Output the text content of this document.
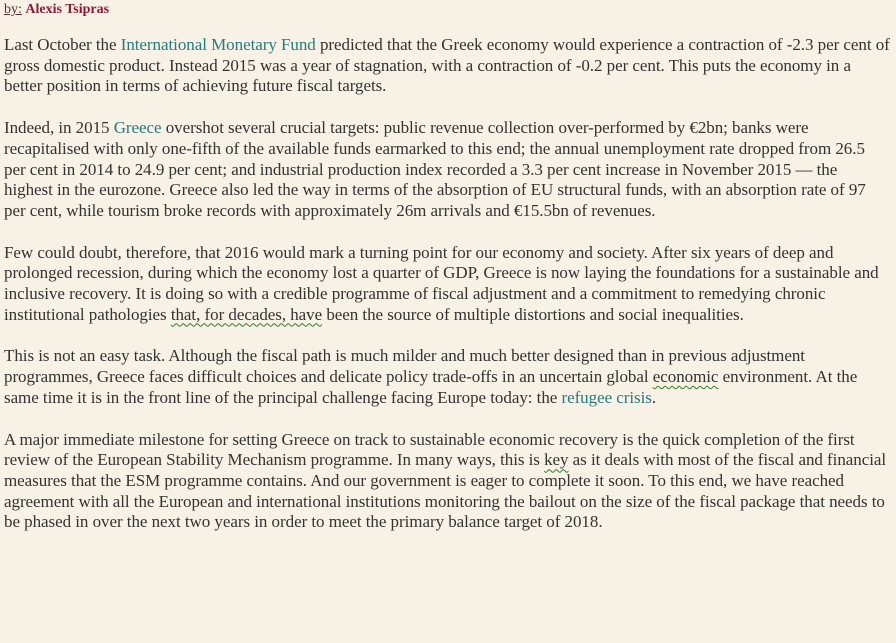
by: Alexis Tsipras

Last October the International Monetary Fund predicted that the Greek economy would experience a contraction of -2.3 per cent of gross domestic product. Instead 2015 was a year of stagnation, with a contraction of -0.2 per cent. This puts the economy in a better position in terms of achieving future fiscal targets.

Indeed, in 2015 Greece overshot several crucial targets: public revenue collection over-performed by €2bn; banks were recapitalised with only one-fifth of the available funds earmarked to this end; the annual unemployment rate dropped from 26.5 per cent in 2014 to 24.9 per cent; and industrial production index recorded a 3.3 per cent increase in November 2015 — the highest in the eurozone. Greece also led the way in terms of the absorption of EU structural funds, with an absorption rate of 97 per cent, while tourism broke records with approximately 26m arrivals and €15.5bn of revenues.

Few could doubt, therefore, that 2016 would mark a turning point for our economy and society. After six years of deep and prolonged recession, during which the economy lost a quarter of GDP, Greece is now laying the foundations for a sustainable and inclusive recovery. It is doing so with a credible programme of fiscal adjustment and a commitment to remedying chronic institutional pathologies that, for decades, have been the source of multiple distortions and social inequalities.

This is not an easy task. Although the fiscal path is much milder and much better designed than in previous adjustment programmes, Greece faces difficult choices and delicate policy trade-offs in an uncertain global economic environment. At the same time it is in the front line of the principal challenge facing Europe today: the refugee crisis.

A major immediate milestone for setting Greece on track to sustainable economic recovery is the quick completion of the first review of the European Stability Mechanism programme. In many ways, this is key as it deals with most of the fiscal and financial measures that the ESM programme contains. And our government is eager to complete it soon. To this end, we have reached agreement with all the European and international institutions monitoring the bailout on the size of the fiscal package that needs to be phased in over the next two years in order to meet the primary balance target of 2018.
